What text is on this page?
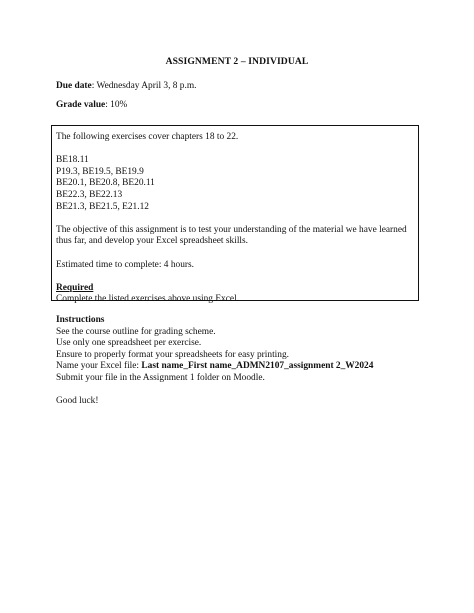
ASSIGNMENT 2 – INDIVIDUAL
Due date: Wednesday April 3, 8 p.m.
Grade value: 10%
The following exercises cover chapters 18 to 22.
BE18.11
P19.3, BE19.5, BE19.9
BE20.1, BE20.8, BE20.11
BE22.3, BE22.13
BE21.3, BE21.5, E21.12
The objective of this assignment is to test your understanding of the material we have learned thus far, and develop your Excel spreadsheet skills.
Estimated time to complete: 4 hours.
Required
Complete the listed exercises above using Excel.
Instructions
See the course outline for grading scheme.
Use only one spreadsheet per exercise.
Ensure to properly format your spreadsheets for easy printing.
Name your Excel file: Last name_First name_ADMN2107_assignment 2_W2024
Submit your file in the Assignment 1 folder on Moodle.
Good luck!
